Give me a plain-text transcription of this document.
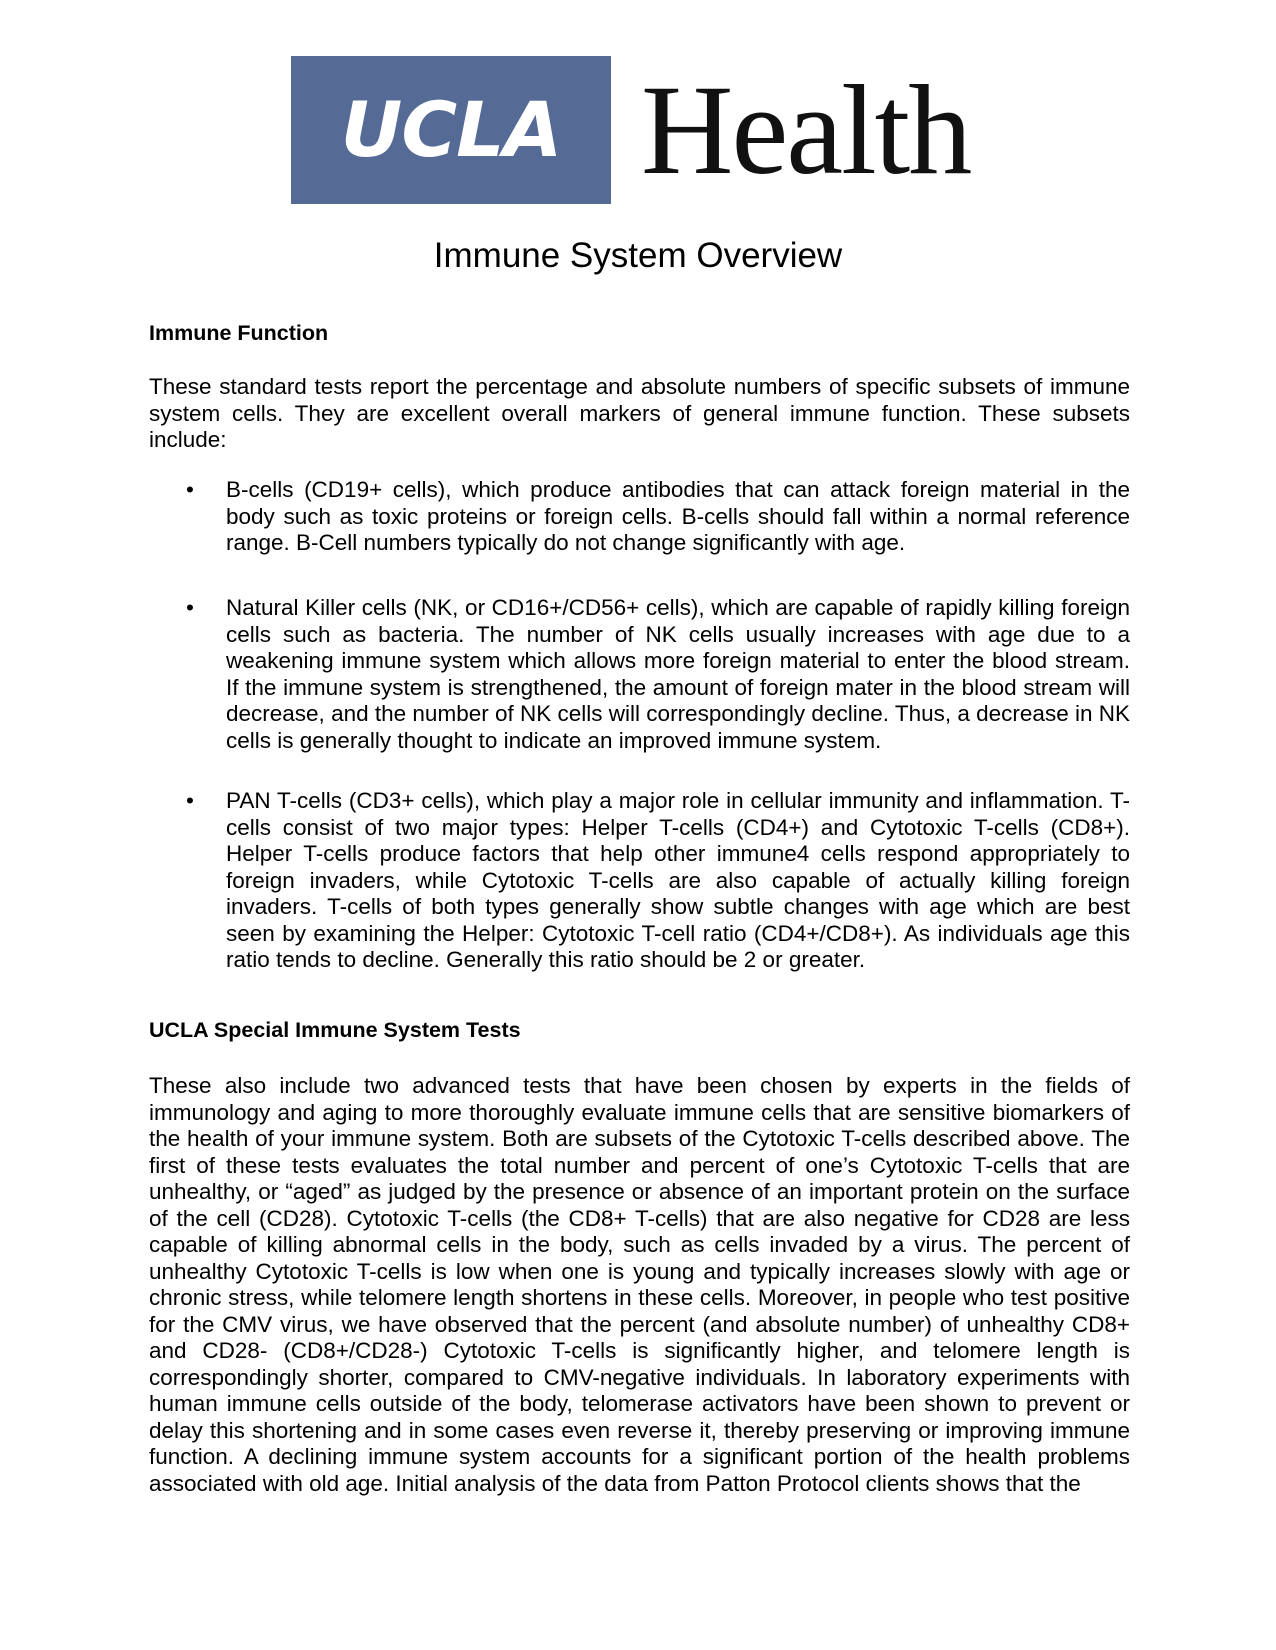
UCLA Health
Immune System Overview
Immune Function
These standard tests report the percentage and absolute numbers of specific subsets of immune system cells. They are excellent overall markers of general immune function. These subsets include:
• B-cells (CD19+ cells), which produce antibodies that can attack foreign material in the body such as toxic proteins or foreign cells. B-cells should fall within a normal reference range. B-Cell numbers typically do not change significantly with age.
• Natural Killer cells (NK, or CD16+/CD56+ cells), which are capable of rapidly killing foreign cells such as bacteria. The number of NK cells usually increases with age due to a weakening immune system which allows more foreign material to enter the blood stream. If the immune system is strengthened, the amount of foreign mater in the blood stream will decrease, and the number of NK cells will correspondingly decline. Thus, a decrease in NK cells is generally thought to indicate an improved immune system.
• PAN T-cells (CD3+ cells), which play a major role in cellular immunity and inflammation. T-cells consist of two major types: Helper T-cells (CD4+) and Cytotoxic T-cells (CD8+). Helper T-cells produce factors that help other immune4 cells respond appropriately to foreign invaders, while Cytotoxic T-cells are also capable of actually killing foreign invaders. T-cells of both types generally show subtle changes with age which are best seen by examining the Helper: Cytotoxic T-cell ratio (CD4+/CD8+). As individuals age this ratio tends to decline. Generally this ratio should be 2 or greater.
UCLA Special Immune System Tests
These also include two advanced tests that have been chosen by experts in the fields of immunology and aging to more thoroughly evaluate immune cells that are sensitive biomarkers of the health of your immune system. Both are subsets of the Cytotoxic T-cells described above. The first of these tests evaluates the total number and percent of one’s Cytotoxic T-cells that are unhealthy, or “aged” as judged by the presence or absence of an important protein on the surface of the cell (CD28). Cytotoxic T-cells (the CD8+ T-cells) that are also negative for CD28 are less capable of killing abnormal cells in the body, such as cells invaded by a virus. The percent of unhealthy Cytotoxic T-cells is low when one is young and typically increases slowly with age or chronic stress, while telomere length shortens in these cells. Moreover, in people who test positive for the CMV virus, we have observed that the percent (and absolute number) of unhealthy CD8+ and CD28- (CD8+/CD28-) Cytotoxic T-cells is significantly higher, and telomere length is correspondingly shorter, compared to CMV-negative individuals. In laboratory experiments with human immune cells outside of the body, telomerase activators have been shown to prevent or delay this shortening and in some cases even reverse it, thereby preserving or improving immune function. A declining immune system accounts for a significant portion of the health problems associated with old age. Initial analysis of the data from Patton Protocol clients shows that the
